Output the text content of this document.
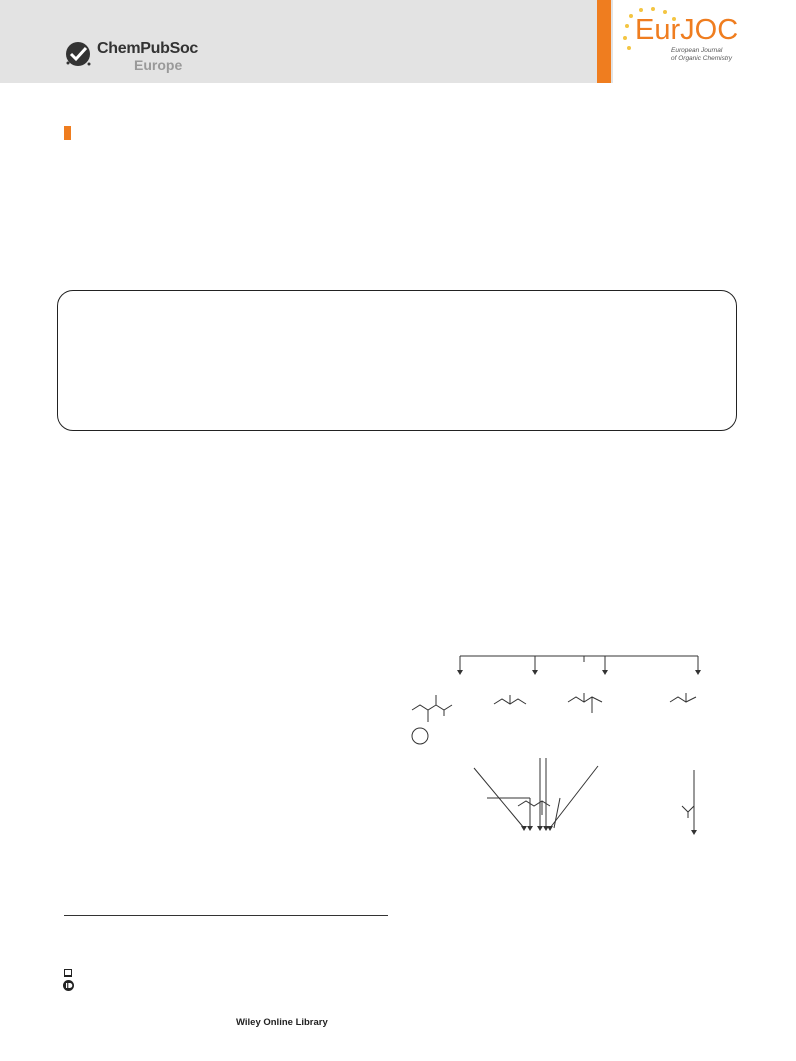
ChemPubSoc
Europe
EurJOC
European Journal
of Organic Chemistry
Wiley Online Library
